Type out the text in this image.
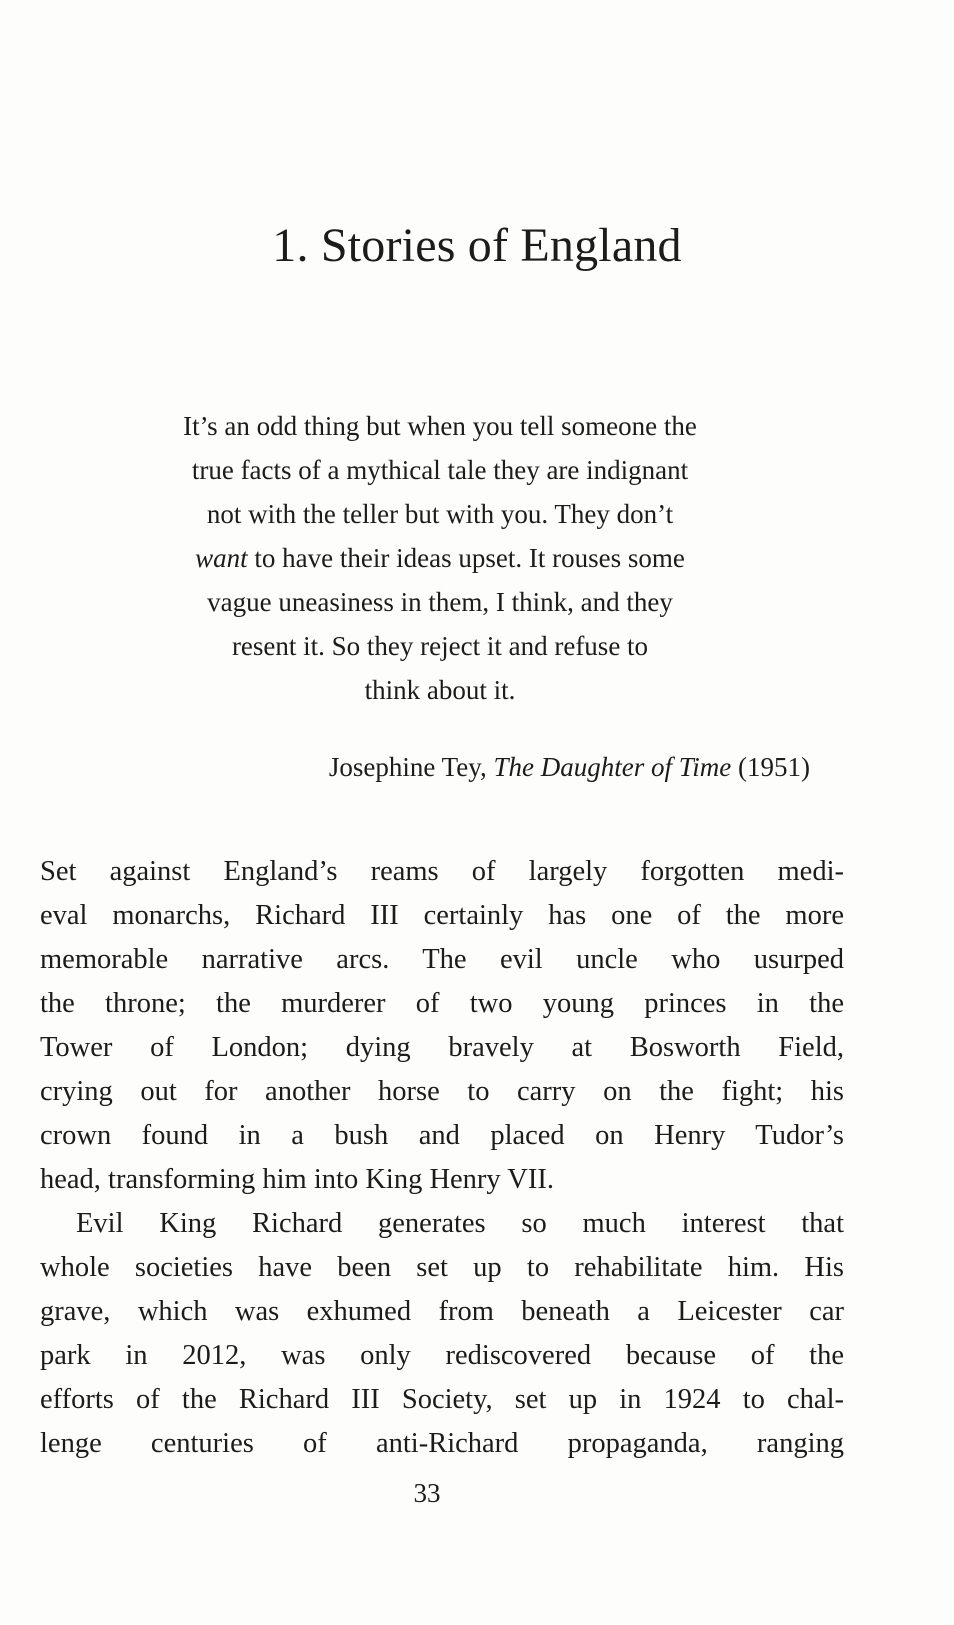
1. Stories of England

It’s an odd thing but when you tell someone the
true facts of a mythical tale they are indignant
not with the teller but with you. They don’t
want to have their ideas upset. It rouses some
vague uneasiness in them, I think, and they
resent it. So they reject it and refuse to
think about it.

Josephine Tey, The Daughter of Time (1951)

Set against England’s reams of largely forgotten medi-
eval monarchs, Richard III certainly has one of the more
memorable narrative arcs. The evil uncle who usurped
the throne; the murderer of two young princes in the
Tower of London; dying bravely at Bosworth Field,
crying out for another horse to carry on the fight; his
crown found in a bush and placed on Henry Tudor’s
head, transforming him into King Henry VII.

Evil King Richard generates so much interest that
whole societies have been set up to rehabilitate him. His
grave, which was exhumed from beneath a Leicester car
park in 2012, was only rediscovered because of the
efforts of the Richard III Society, set up in 1924 to chal-
lenge centuries of anti-Richard propaganda, ranging

33
